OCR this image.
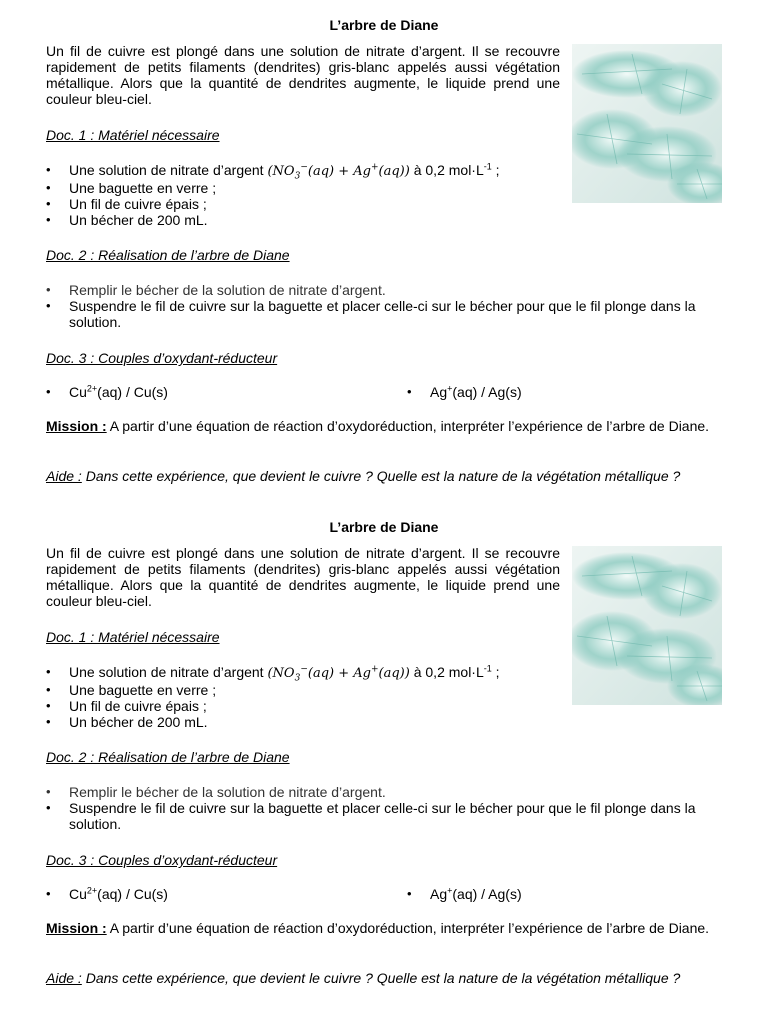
L’arbre de Diane

Un fil de cuivre est plongé dans une solution de nitrate d’argent. Il se recouvre rapidement de petits filaments (dendrites) gris-blanc appelés aussi végétation métallique. Alors que la quantité de dendrites augmente, le liquide prend une couleur bleu-ciel.

Doc. 1 : Matériel nécessaire
• Une solution de nitrate d’argent $(NO_3^-(aq) + Ag^+(aq))$ à 0,2 $mol\cdot L^{-1}$ ;
• Une baguette en verre ;
• Un fil de cuivre épais ;
• Un bécher de 200 mL.
Doc. 2 : Réalisation de l’arbre de Diane
• Remplir le bécher de la solution de nitrate d’argent.
• Suspendre le fil de cuivre sur la baguette et placer celle-ci sur le bécher pour que le fil plonge dans la solution.
Doc. 3 : Couples d’oxydant-réducteur
• $Cu^{2+}(aq) / Cu(s)$	• Ag+(aq) / Ag(s)

Mission : A partir d’une équation de réaction d’oxydoréduction, interpréter l’expérience de l’arbre de Diane.

Aide : Dans cette expérience, que devient le cuivre ? Quelle est la nature de la végétation métallique ?

L’arbre de Diane

Un fil de cuivre est plongé dans une solution de nitrate d’argent. Il se recouvre rapidement de petits filaments (dendrites) gris-blanc appelés aussi végétation métallique. Alors que la quantité de dendrites augmente, le liquide prend une couleur bleu-ciel.

Doc. 1 : Matériel nécessaire
• Une solution de nitrate d’argent $(NO_3^-(aq) + Ag^+(aq))$ à 0,2 $mol\cdot L^{-1}$ ;
• Une baguette en verre ;
• Un fil de cuivre épais ;
• Un bécher de 200 mL.
Doc. 2 : Réalisation de l’arbre de Diane
• Remplir le bécher de la solution de nitrate d’argent.
• Suspendre le fil de cuivre sur la baguette et placer celle-ci sur le bécher pour que le fil plonge dans la solution.
Doc. 3 : Couples d’oxydant-réducteur
• $Cu^{2+}(aq) / Cu(s)$	• Ag+(aq) / Ag(s)

Mission : A partir d’une équation de réaction d’oxydoréduction, interpréter l’expérience de l’arbre de Diane.

Aide : Dans cette expérience, que devient le cuivre ? Quelle est la nature de la végétation métallique ?
